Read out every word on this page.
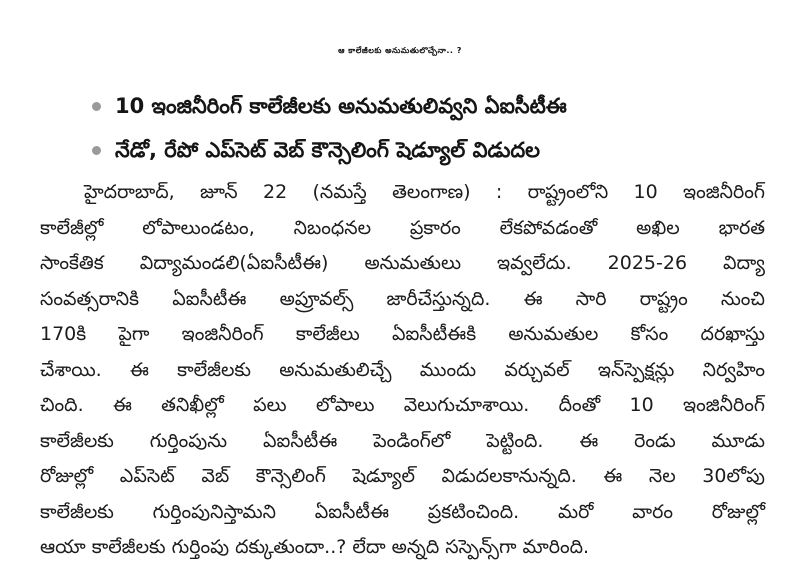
ఆ కాలేజీలకు అనుమతులొచ్చేనా.. ?
10 ఇంజినీరింగ్ కాలేజీలకు అనుమతులివ్వని ఏఐసీటీఈ
నేడో, రేపో ఎప్‌సెట్ వెబ్ కౌన్సెలింగ్ షెడ్యూల్ విడుదల
హైదరాబాద్, జూన్ 22 (నమస్తే తెలంగాణ) : రాష్ట్రంలోని 10 ఇంజినీరింగ్
కాలేజీల్లో లోపాలుండటం, నిబంధనల ప్రకారం లేకపోవడంతో అఖిల భారత
సాంకేతిక విద్యామండలి(ఏఐసీటీఈ) అనుమతులు ఇవ్వలేదు. 2025-26 విద్యా
సంవత్సరానికి ఏఐసీటీఈ అప్రూవల్స్ జారీచేస్తున్నది. ఈ సారి రాష్ట్రం నుంచి
170కి పైగా ఇంజినీరింగ్ కాలేజీలు ఏఐసీటీఈకి అనుమతుల కోసం దరఖాస్తు
చేశాయి. ఈ కాలేజీలకు అనుమతులిచ్చే ముందు వర్చువల్ ఇన్‌స్పెక్షన్లు నిర్వహిం
చింది. ఈ తనిఖీల్లో పలు లోపాలు వెలుగుచూశాయి. దీంతో 10 ఇంజినీరింగ్
కాలేజీలకు గుర్తింపును ఏఐసీటీఈ పెండింగ్‌లో పెట్టింది. ఈ రెండు మూడు
రోజుల్లో ఎప్‌సెట్ వెబ్ కౌన్సెలింగ్ షెడ్యూల్ విడుదలకానున్నది. ఈ నెల 30లోపు
కాలేజీలకు గుర్తింపునిస్తామని ఏఐసీటీఈ ప్రకటించింది. మరో వారం రోజుల్లో
ఆయా కాలేజీలకు గుర్తింపు దక్కుతుందా..? లేదా అన్నది సస్పెన్స్‌గా మారింది.
